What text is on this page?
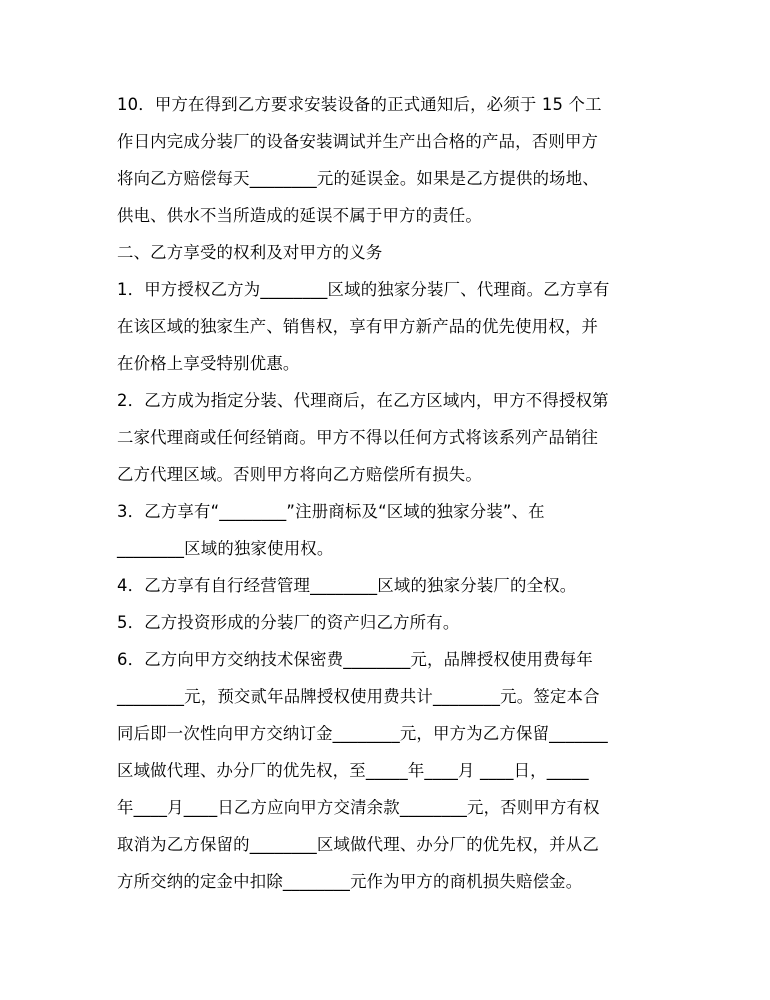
10．甲方在得到乙方要求安装设备的正式通知后，必须于 15 个工
作日内完成分装厂的设备安装调试并生产出合格的产品，否则甲方
将向乙方赔偿每天________元的延误金。如果是乙方提供的场地、
供电、供水不当所造成的延误不属于甲方的责任。
二、乙方享受的权利及对甲方的义务
1．甲方授权乙方为________区域的独家分装厂、代理商。乙方享有
在该区域的独家生产、销售权，享有甲方新产品的优先使用权，并
在价格上享受特别优惠。
2．乙方成为指定分装、代理商后，在乙方区域内，甲方不得授权第
二家代理商或任何经销商。甲方不得以任何方式将该系列产品销往
乙方代理区域。否则甲方将向乙方赔偿所有损失。
3．乙方享有“________”注册商标及“区域的独家分装”、在
________区域的独家使用权。
4．乙方享有自行经营管理________区域的独家分装厂的全权。
5．乙方投资形成的分装厂的资产归乙方所有。
6．乙方向甲方交纳技术保密费________元，品牌授权使用费每年
________元，预交贰年品牌授权使用费共计________元。签定本合
同后即一次性向甲方交纳订金________元，甲方为乙方保留_______
区域做代理、办分厂的优先权，至_____年____月 ____日，_____
年____月____日乙方应向甲方交清余款________元，否则甲方有权
取消为乙方保留的________区域做代理、办分厂的优先权，并从乙
方所交纳的定金中扣除________元作为甲方的商机损失赔偿金。
